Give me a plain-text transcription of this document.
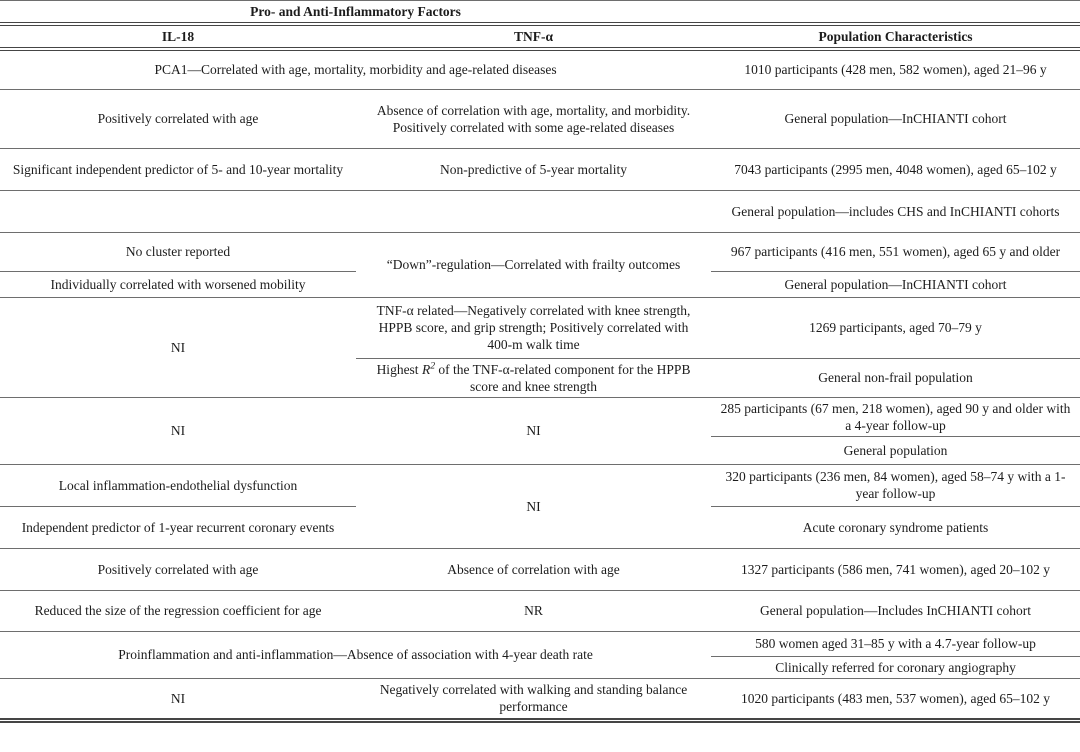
Pro- and Anti-Inflammatory Factors		
IL-18	TNF-α	Population Characteristics
PCA1—Correlated with age, mortality, morbidity and age-related diseases		1010 participants (428 men, 582 women), aged 21–96 y
Positively correlated with age	Absence of correlation with age, mortality, and morbidity. Positively correlated with some age-related diseases	General population—InCHIANTI cohort
Significant independent predictor of 5- and 10-year mortality	Non-predictive of 5-year mortality	7043 participants (2995 men, 4048 women), aged 65–102 y
		General population—includes CHS and InCHIANTI cohorts
No cluster reported	“Down”-regulation—Correlated with frailty outcomes	967 participants (416 men, 551 women), aged 65 y and older
Individually correlated with worsened mobility		General population—InCHIANTI cohort
NI	TNF-α related—Negatively correlated with knee strength, HPPB score, and grip strength; Positively correlated with 400-m walk time	1269 participants, aged 70–79 y
	Highest $R^2$ of the TNF-α-related component for the HPPB score and knee strength	General non-frail population
NI	NI	285 participants (67 men, 218 women), aged 90 y and older with a 4-year follow-up
		General population
Local inflammation-endothelial dysfunction	NI	320 participants (236 men, 84 women), aged 58–74 y with a 1-year follow-up
Independent predictor of 1-year recurrent coronary events		Acute coronary syndrome patients
Positively correlated with age	Absence of correlation with age	1327 participants (586 men, 741 women), aged 20–102 y
Reduced the size of the regression coefficient for age	NR	General population—Includes InCHIANTI cohort
Proinflammation and anti-inflammation—Absence of association with 4-year death rate		580 women aged 31–85 y with a 4.7-year follow-up
		Clinically referred for coronary angiography
NI	Negatively correlated with walking and standing balance performance	1020 participants (483 men, 537 women), aged 65–102 y
